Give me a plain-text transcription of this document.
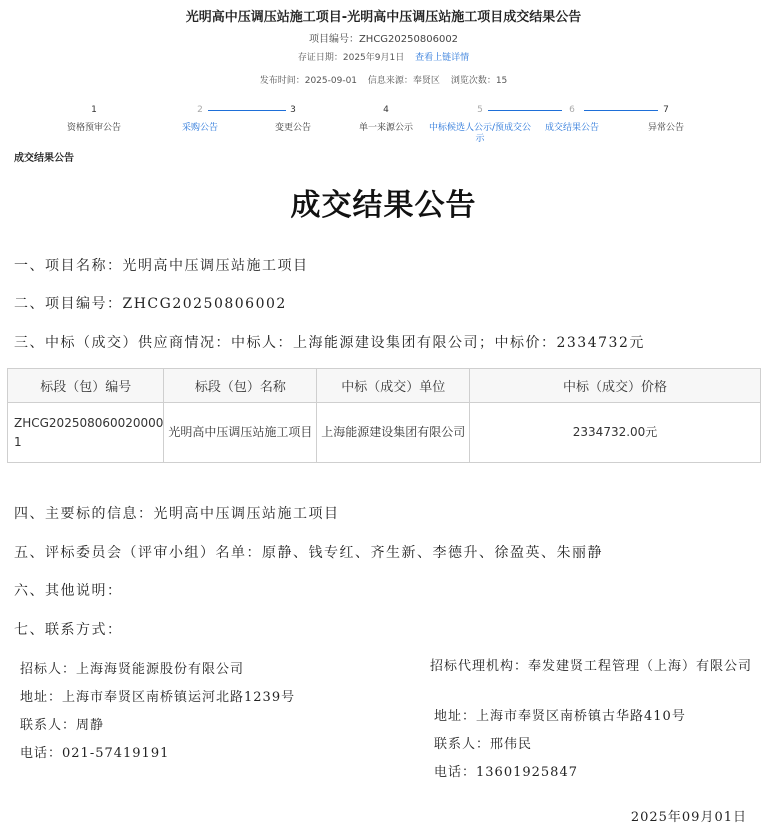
光明高中压调压站施工项目-光明高中压调压站施工项目成交结果公告
项目编号：ZHCG20250806002
存证日期：2025年9月1日 查看上链详情
发布时间：2025-09-01 信息来源：奉贤区 浏览次数：15
1
资格预审公告
2
采购公告
3
变更公告
4
单一来源公示
5
中标候选人公示/预成交公示
6
成交结果公告
7
异常公告
成交结果公告
成交结果公告
一、项目名称：光明高中压调压站施工项目
二、项目编号：ZHCG20250806002
三、中标（成交）供应商情况：中标人：上海能源建设集团有限公司；中标价：2334732元
标段（包）编号	标段（包）名称	中标（成交）单位	中标（成交）价格
ZHCG202508060020000​1	光明高中压调压站施工项目	上海能源建设集团有限公司	2334732.00元
四、主要标的信息：光明高中压调压站施工项目
五、评标委员会（评审小组）名单：原静、钱专红、齐生新、李德升、徐盈英、朱丽静
六、其他说明：
七、联系方式：
招标人：上海海贤能源股份有限公司
地址：上海市奉贤区南桥镇运河北路1239号
联系人：周静
电话：021-57419191
招标代理机构：奉发建贤工程管理（上海）有限公司
地址：上海市奉贤区南桥镇古华路410号
联系人：邢伟民
电话：13601925847
2025年09月01日
